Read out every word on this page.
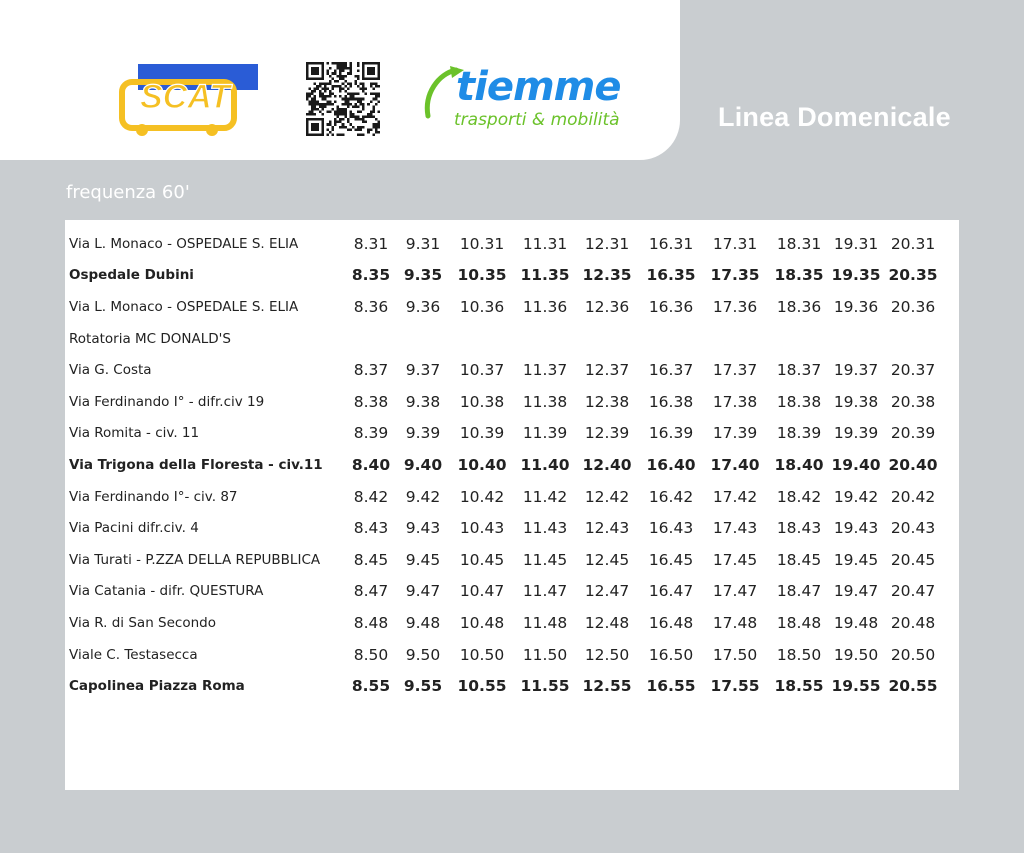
SCAT	tiemme
trasporti & mobilità	Linea Domenicale
frequenza 60'
Via L. Monaco - OSPEDALE S. ELIA	8.31	9.31	10.31	11.31	12.31	16.31	17.31	18.31	19.31	20.31
Ospedale Dubini	8.35	9.35	10.35	11.35	12.35	16.35	17.35	18.35	19.35	20.35
Via L. Monaco - OSPEDALE S. ELIA	8.36	9.36	10.36	11.36	12.36	16.36	17.36	18.36	19.36	20.36
Rotatoria MC DONALD'S										
Via G. Costa	8.37	9.37	10.37	11.37	12.37	16.37	17.37	18.37	19.37	20.37
Via Ferdinando I° - difr.civ 19	8.38	9.38	10.38	11.38	12.38	16.38	17.38	18.38	19.38	20.38
Via Romita - civ. 11	8.39	9.39	10.39	11.39	12.39	16.39	17.39	18.39	19.39	20.39
Via Trigona della Floresta - civ.11	8.40	9.40	10.40	11.40	12.40	16.40	17.40	18.40	19.40	20.40
Via Ferdinando I°- civ. 87	8.42	9.42	10.42	11.42	12.42	16.42	17.42	18.42	19.42	20.42
Via Pacini difr.civ. 4	8.43	9.43	10.43	11.43	12.43	16.43	17.43	18.43	19.43	20.43
Via Turati - P.ZZA DELLA REPUBBLICA	8.45	9.45	10.45	11.45	12.45	16.45	17.45	18.45	19.45	20.45
Via Catania - difr. QUESTURA	8.47	9.47	10.47	11.47	12.47	16.47	17.47	18.47	19.47	20.47
Via R. di San Secondo	8.48	9.48	10.48	11.48	12.48	16.48	17.48	18.48	19.48	20.48
Viale C. Testasecca	8.50	9.50	10.50	11.50	12.50	16.50	17.50	18.50	19.50	20.50
Capolinea Piazza Roma	8.55	9.55	10.55	11.55	12.55	16.55	17.55	18.55	19.55	20.55
